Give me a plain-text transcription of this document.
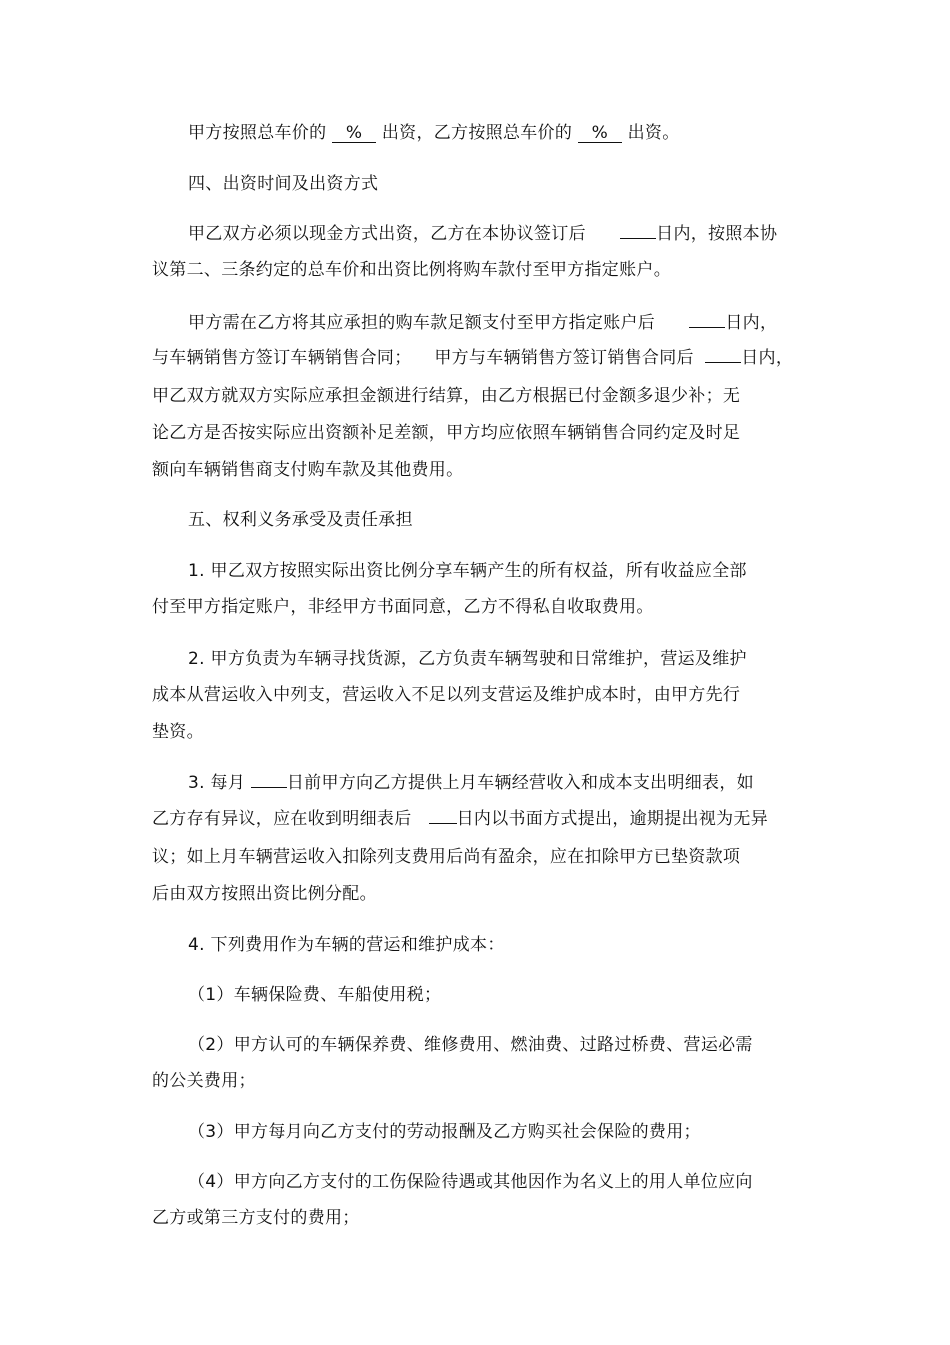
甲方按照总车价的 % 出资，乙方按照总车价的 % 出资。
四、出资时间及出资方式
甲乙双方必须以现金方式出资，乙方在本协议签订后	日内，按照本协
议第二、三条约定的总车价和出资比例将购车款付至甲方指定账户。
甲方需在乙方将其应承担的购车款足额支付至甲方指定账户后	日内，
与车辆销售方签订车辆销售合同； 甲方与车辆销售方签订销售合同后	日内，
甲乙双方就双方实际应承担金额进行结算，由乙方根据已付金额多退少补；无
论乙方是否按实际应出资额补足差额，甲方均应依照车辆销售合同约定及时足
额向车辆销售商支付购车款及其他费用。
五、权利义务承受及责任承担
1. 甲乙双方按照实际出资比例分享车辆产生的所有权益，所有收益应全部
付至甲方指定账户，非经甲方书面同意，乙方不得私自收取费用。
2. 甲方负责为车辆寻找货源，乙方负责车辆驾驶和日常维护，营运及维护
成本从营运收入中列支，营运收入不足以列支营运及维护成本时，由甲方先行
垫资。
3. 每月 日前甲方向乙方提供上月车辆经营收入和成本支出明细表，如
乙方存有异议，应在收到明细表后	日内以书面方式提出，逾期提出视为无异
议；如上月车辆营运收入扣除列支费用后尚有盈余，应在扣除甲方已垫资款项
后由双方按照出资比例分配。
4. 下列费用作为车辆的营运和维护成本：
（1）车辆保险费、车船使用税；
（2）甲方认可的车辆保养费、维修费用、燃油费、过路过桥费、营运必需
的公关费用；
（3）甲方每月向乙方支付的劳动报酬及乙方购买社会保险的费用；
（4）甲方向乙方支付的工伤保险待遇或其他因作为名义上的用人单位应向
乙方或第三方支付的费用；
